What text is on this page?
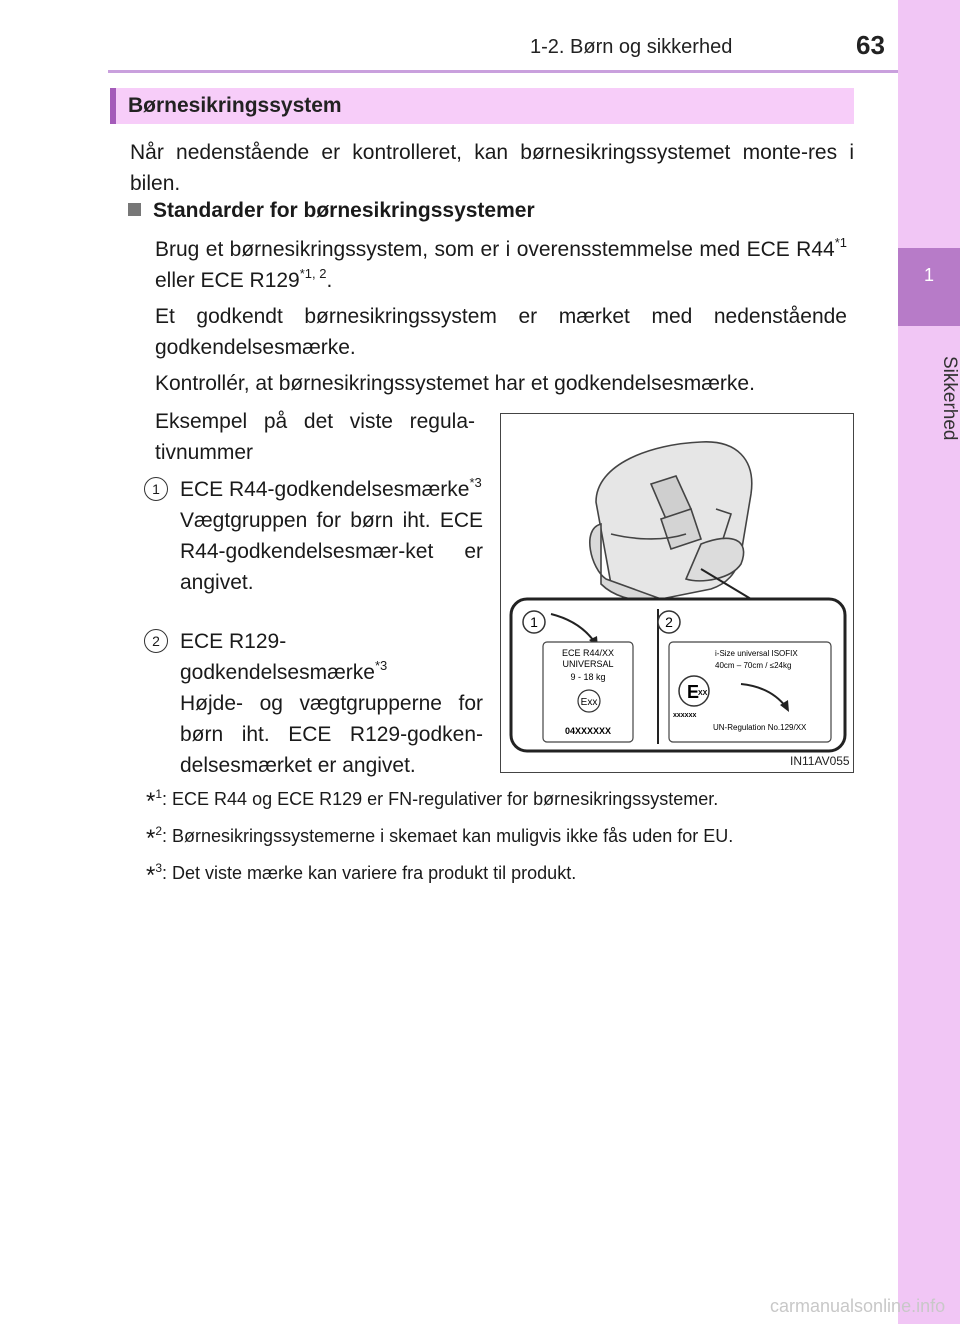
1-2. Børn og sikkerhed	63
1
Sikkerhed
Børnesikringssystem

Når nedenstående er kontrolleret, kan børnesikringssystemet monte-res i bilen.

Standarder for børnesikringssystemer

Brug et børnesikringssystem, som er i overensstemmelse med ECE R44$^{*1}$ eller ECE R129$^{*1, 2}$.

Et godkendt børnesikringssystem er mærket med nedenstående godkendelsesmærke.

Kontrollér, at børnesikringssystemet har et godkendelsesmærke.

Eksempel på det viste regula-tivnummer

1 ECE R44-godkendelsesmærke$^{*3}$

Vægtgruppen for børn iht. ECE R44-godkendelsesmær-ket er angivet.

2 ECE R129-godkendelsesmærke$^{*3}$

Højde- og vægtgrupperne for børn iht. ECE R129-godken-delsesmærket er angivet.

*$^1$: ECE R44 og ECE R129 er FN-regulativer for børnesikringssystemer.
*$^2$: Børnesikringssystemerne i skemaet kan muligvis ikke fås uden for EU.
*$^3$: Det viste mærke kan variere fra produkt til produkt.
1	2
ECE R44/XX
UNIVERSAL
9 - 18 kg
Exx
04XXXXXX
i-Size universal ISOFIX
40cm – 70cm / ≤24kg
E
XX
xxxxxx
UN-Regulation No.129/XX
IN11AV055
carmanualsonline.info
